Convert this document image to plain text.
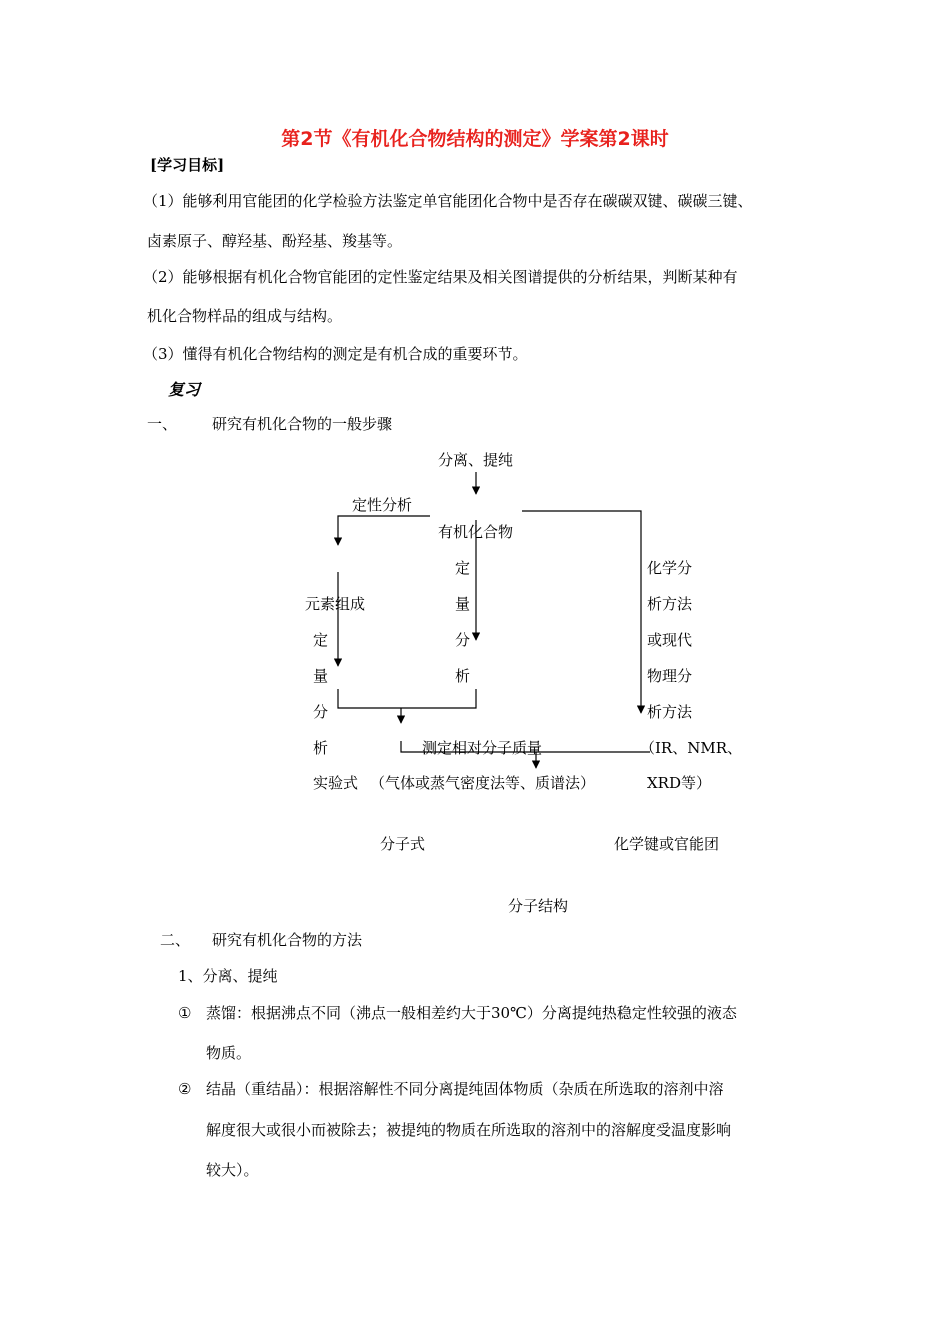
第2节《有机化合物结构的测定》学案第2课时
[学习目标]
（1）能够利用官能团的化学检验方法鉴定单官能团化合物中是否存在碳碳双键、碳碳三键、
卤素原子、醇羟基、酚羟基、羧基等。
（2）能够根据有机化合物官能团的定性鉴定结果及相关图谱提供的分析结果，判断某种有
机化合物样品的组成与结构。
（3）懂得有机化合物结构的测定是有机合成的重要环节。
复习
一、 研究有机化合物的一般步骤
分离、提纯
定性分析
有机化合物
定
量
分
析
元素组成
定
量
分
析
化学分
析方法
或现代
物理分
析方法
测定相对分子质量	（IR、NMR、
实验式 （气体或蒸气密度法等、质谱法）	XRD等）
分子式	化学键或官能团
分子结构
二、 研究有机化合物的方法
1、分离、提纯
① 蒸馏：根据沸点不同（沸点一般相差约大于30℃）分离提纯热稳定性较强的液态
物质。
② 结晶（重结晶）：根据溶解性不同分离提纯固体物质（杂质在所选取的溶剂中溶
解度很大或很小而被除去；被提纯的物质在所选取的溶剂中的溶解度受温度影响
较大）。
